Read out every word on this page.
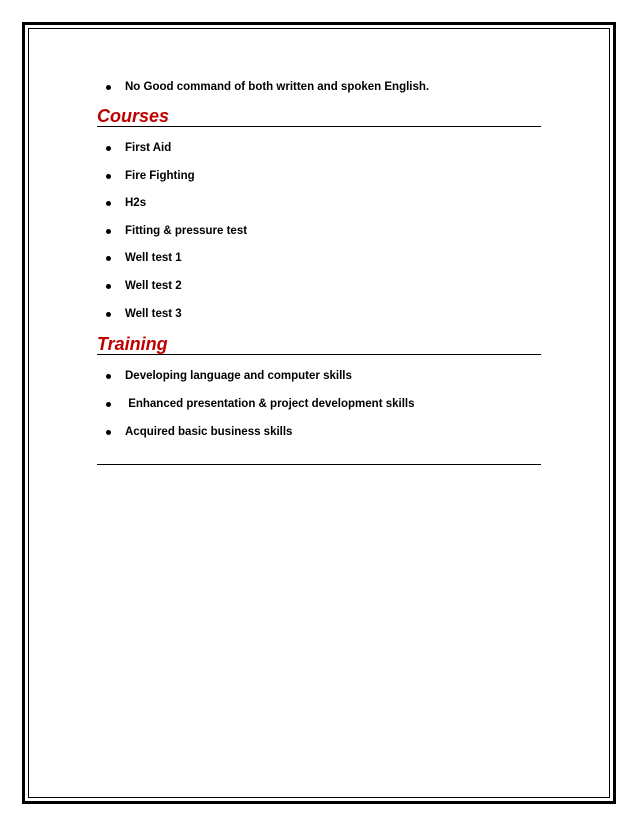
No Good command of both written and spoken English.
Courses
First Aid
Fire Fighting
H2s
Fitting & pressure test
Well test 1
Well test 2
Well test 3
Training
Developing language and computer skills
Enhanced presentation & project development skills
Acquired basic business skills
